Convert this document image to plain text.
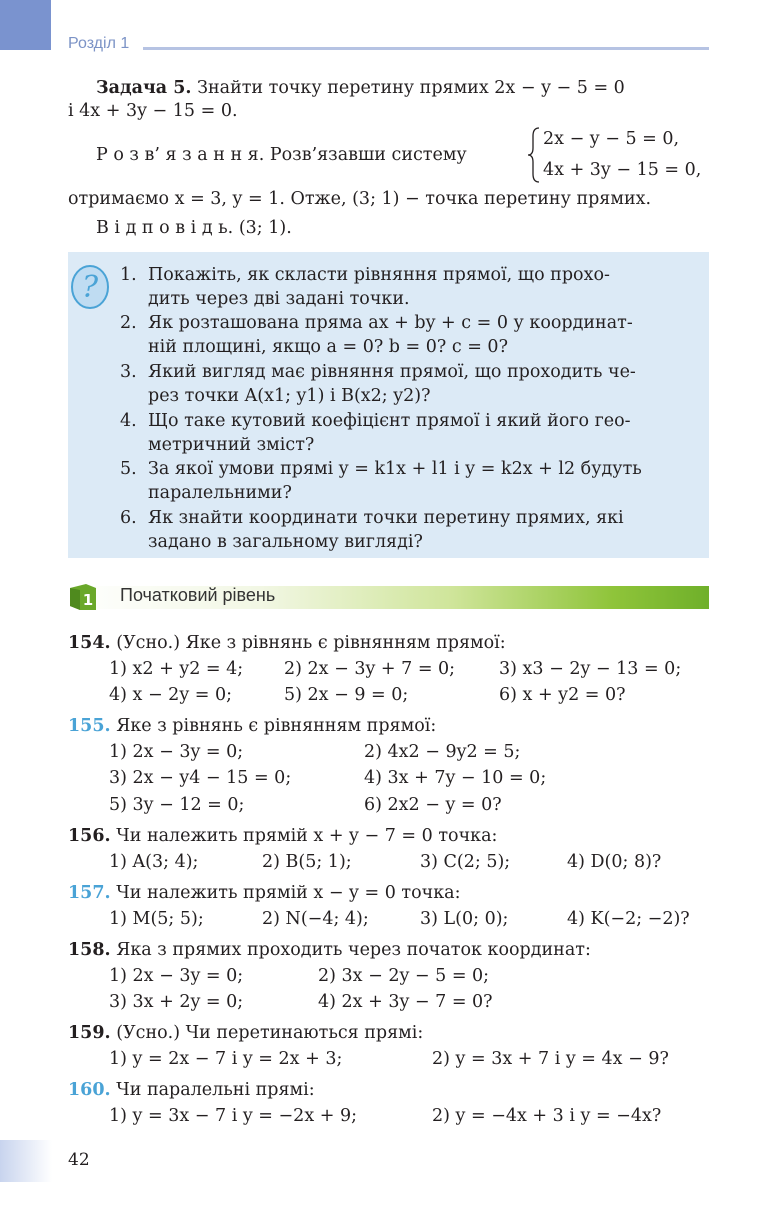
Розділ 1
Задача 5. Знайти точку перетину прямих 2x − y − 5 = 0
і 4x + 3y − 15 = 0.
Р о з в’ я з а н н я. Розв’язавши систему
2x − y − 5 = 0,
4x + 3y − 15 = 0,
отримаємо x = 3, y = 1. Отже, (3; 1) − точка перетину прямих.
В і д п о в і д ь. (3; 1).
? 1. Покажіть, як скласти рівняння прямої, що прохо-
дить через дві задані точки.
2. Як розташована пряма ax + by + c = 0 у координат-
ній площині, якщо a = 0? b = 0? c = 0?
3. Який вигляд має рівняння прямої, що проходить че-
рез точки A(x1; y1) і B(x2; y2)?
4. Що таке кутовий коефіцієнт прямої і який його гео-
метричний зміст?
5. За якої умови прямі y = k1x + l1 і y = k2x + l2 будуть
паралельними?
6. Як знайти координати точки перетину прямих, які
задано в загальному вигляді?
1 Початковий рівень
154. (Усно.) Яке з рівнянь є рівнянням прямої:
1) x2 + y2 = 4; 2) 2x − 3y + 7 = 0;	3) x3 − 2y − 13 = 0;
4) x − 2y = 0;	5) 2x − 9 = 0;	6) x + y2 = 0?
155. Яке з рівнянь є рівнянням прямої:
1) 2x − 3y = 0;	2) 4x2 − 9y2 = 5;
3) 2x − y4 − 15 = 0;	4) 3x + 7y − 10 = 0;
5) 3y − 12 = 0;	6) 2x2 − y = 0?
156. Чи належить прямій x + y − 7 = 0 точка:
1) A(3; 4);	2) B(5; 1);	3) C(2; 5);	4) D(0; 8)?
157. Чи належить прямій x − y = 0 точка:
1) M(5; 5);	2) N(−4; 4);	3) L(0; 0);	4) K(−2; −2)?
158. Яка з прямих проходить через початок координат:
1) 2x − 3y = 0;	2) 3x − 2y − 5 = 0;
3) 3x + 2y = 0;	4) 2x + 3y − 7 = 0?
159. (Усно.) Чи перетинаються прямі:
1) y = 2x − 7 і y = 2x + 3;	2) y = 3x + 7 і y = 4x − 9?
160. Чи паралельні прямі:
1) y = 3x − 7 і y = −2x + 9;	2) y = −4x + 3 і y = −4x?
42
